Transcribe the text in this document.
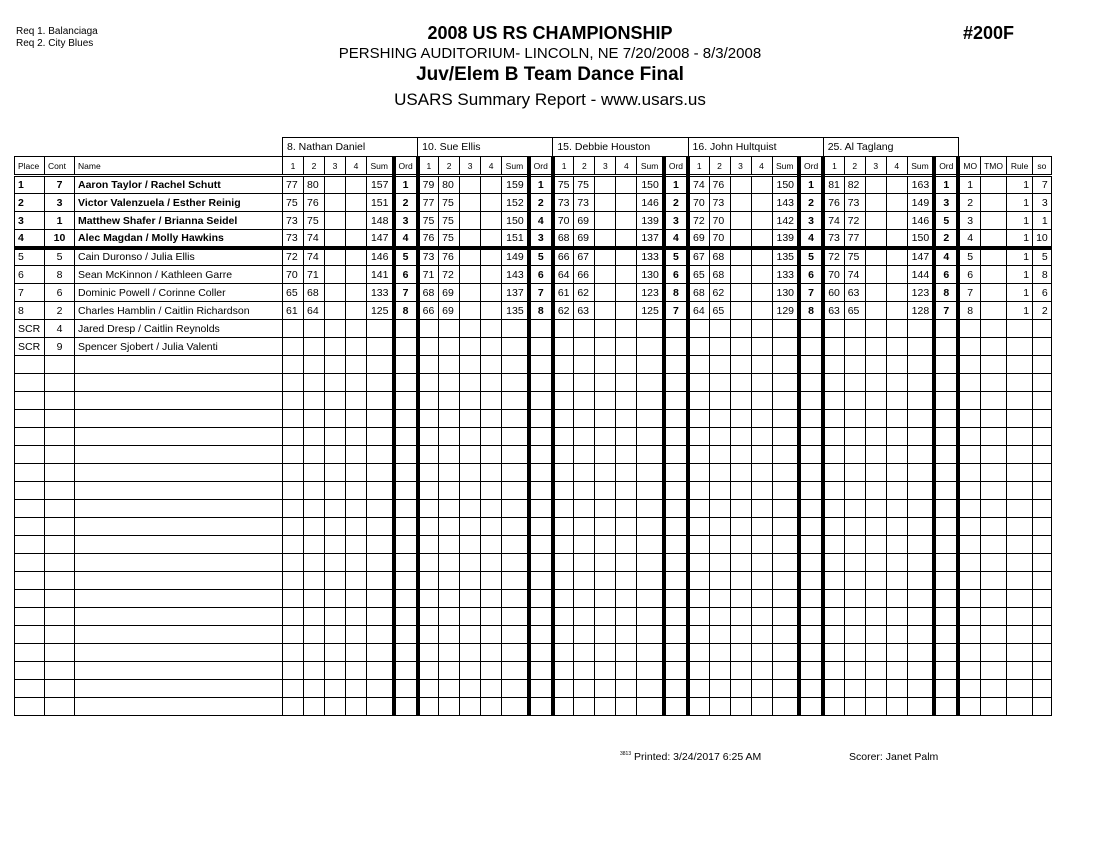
Req 1. Balanciaga
Req 2. City Blues
2008 US RS CHAMPIONSHIP
PERSHING AUDITORIUM- LINCOLN, NE 7/20/2008 - 8/3/2008
Juv/Elem B Team Dance Final
USARS Summary Report - www.usars.us
#200F
			8. Nathan Daniel						10. Sue Ellis						15. Debbie Houston						16. John Hultquist						25. Al Taglang									
Place	Cont	Name	1	2	3	4	Sum	Ord	1	2	3	4	Sum	Ord	1	2	3	4	Sum	Ord	1	2	3	4	Sum	Ord	1	2	3	4	Sum	Ord	MO	TMO	Rule	so
1	7	Aaron Taylor / Rachel Schutt	77	80			157	1	79	80			159	1	75	75			150	1	74	76			150	1	81	82			163	1	1		1	7
2	3	Victor Valenzuela / Esther Reinig	75	76			151	2	77	75			152	2	73	73			146	2	70	73			143	2	76	73			149	3	2		1	3
3	1	Matthew Shafer / Brianna Seidel	73	75			148	3	75	75			150	4	70	69			139	3	72	70			142	3	74	72			146	5	3		1	1
4	10	Alec Magdan / Molly Hawkins	73	74			147	4	76	75			151	3	68	69			137	4	69	70			139	4	73	77			150	2	4		1	10
5	5	Cain Duronso / Julia Ellis	72	74			146	5	73	76			149	5	66	67			133	5	67	68			135	5	72	75			147	4	5		1	5
6	8	Sean McKinnon / Kathleen Garre	70	71			141	6	71	72			143	6	64	66			130	6	65	68			133	6	70	74			144	6	6		1	8
7	6	Dominic Powell / Corinne Coller	65	68			133	7	68	69			137	7	61	62			123	8	68	62			130	7	60	63			123	8	7		1	6
8	2	Charles Hamblin / Caitlin Richardson	61	64			125	8	66	69			135	8	62	63			125	7	64	65			129	8	63	65			128	7	8		1	2
SCR	4	Jared Dresp / Caitlin Reynolds																																		
SCR	9	Spencer Sjobert / Julia Valenti																																		

$^{3813}$ Printed: 3/24/2017 6:25 AM	Scorer: Janet Palm
